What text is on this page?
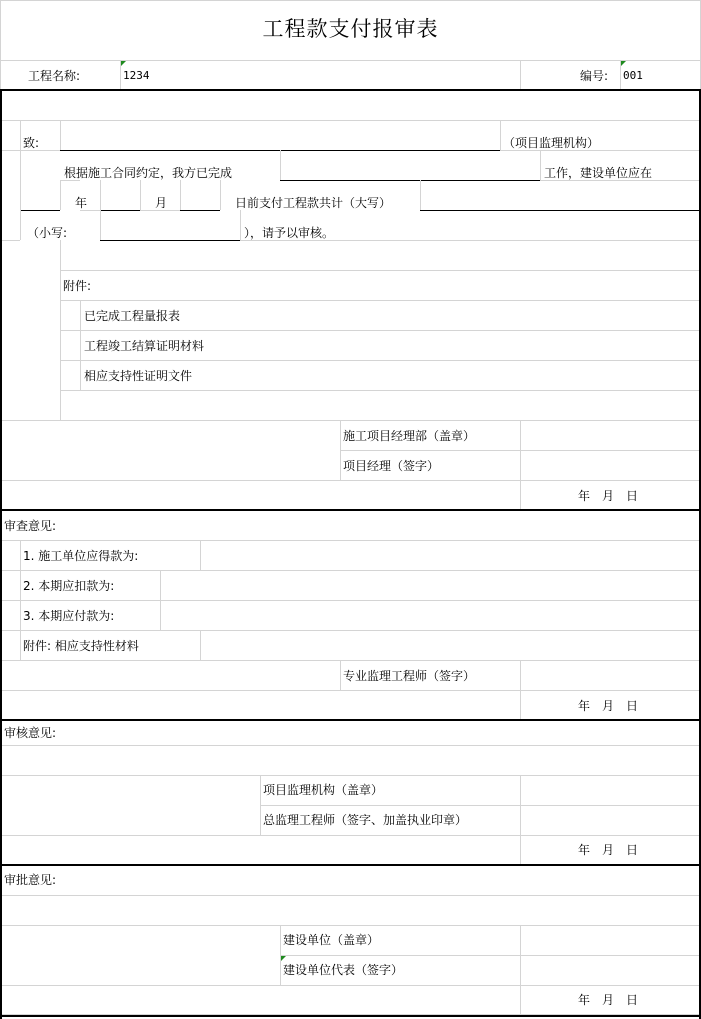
工程款支付报审表
工程名称:	1234	编号: 001
致:	（项目监理机构）
根据施工合同约定，我方已完成	工作，建设单位应在
年	月	日前支付工程款共计（大写）
（小写:	），请予以审核。
附件:
已完成工程量报表
工程竣工结算证明材料
相应支持性证明文件
施工项目经理部（盖章）
项目经理（签字）
年　月　日
审查意见:
1. 施工单位应得款为:
2. 本期应扣款为:
3. 本期应付款为:
附件: 相应支持性材料
专业监理工程师（签字）
年　月　日
审核意见:
项目监理机构（盖章）
总监理工程师（签字、加盖执业印章）
年　月　日
审批意见:
建设单位（盖章）
建设单位代表（签字）
年　月　日
